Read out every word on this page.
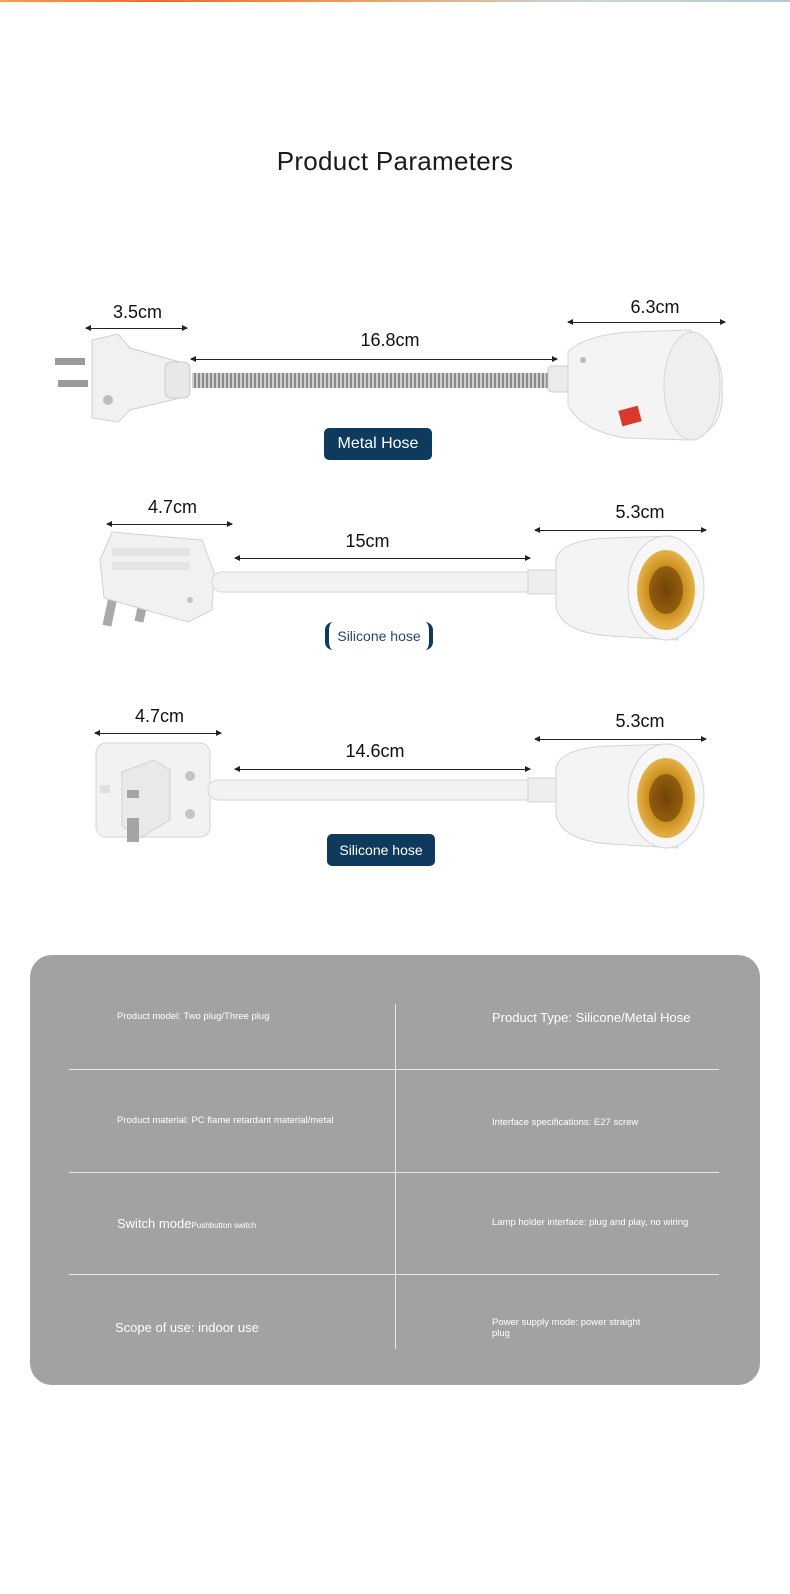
Product Parameters
3.5cm
16.8cm
6.3cm
Metal Hose
4.7cm
15cm
5.3cm
Silicone hose
4.7cm
14.6cm
5.3cm
Silicone hose
Product model: Two plug/Three plug	Product Type: Silicone/Metal Hose
Product material: PC flame retardant material/metal	Interface specifications: E27 screw
Switch modePushbutton switch	Lamp holder interface: plug and play, no wiring
Scope of use: indoor use	Power supply mode: power straight plug
